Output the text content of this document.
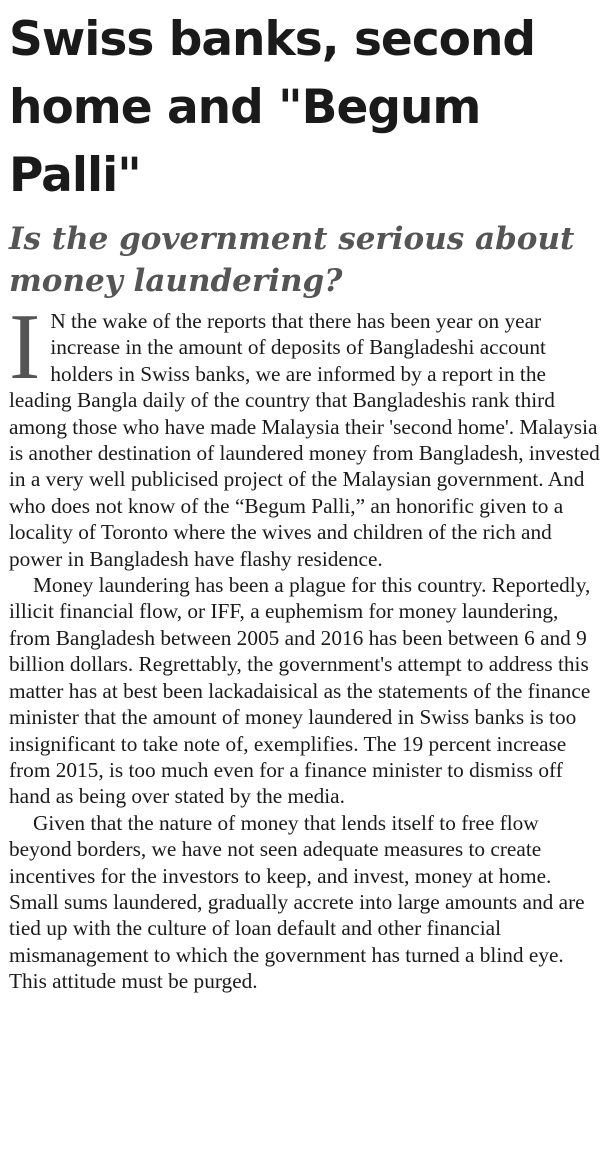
Swiss banks, second home and "Begum Palli"
Is the government serious about money laundering?

I N the wake of the reports that there has been year on year increase in the amount of deposits of Bangladeshi account holders in Swiss banks, we are informed by a report in the leading Bangla daily of the country that Bangladeshis rank third among those who have made Malaysia their 'second home'. Malaysia is another destination of laundered money from Bangladesh, invested in a very well publicised project of the Malaysian government. And who does not know of the “Begum Palli,” an honorific given to a locality of Toronto where the wives and children of the rich and power in Bangladesh have flashy residence.

Money laundering has been a plague for this country. Reportedly, illicit financial flow, or IFF, a euphemism for money laundering, from Bangladesh between 2005 and 2016 has been between 6 and 9 billion dollars. Regrettably, the government's attempt to address this matter has at best been lackadaisical as the statements of the finance minister that the amount of money laundered in Swiss banks is too insignificant to take note of, exemplifies. The 19 percent increase from 2015, is too much even for a finance minister to dismiss off hand as being over stated by the media.

Given that the nature of money that lends itself to free flow beyond borders, we have not seen adequate measures to create incentives for the investors to keep, and invest, money at home. Small sums laundered, gradually accrete into large amounts and are tied up with the culture of loan default and other financial mismanagement to which the government has turned a blind eye. This attitude must be purged.
